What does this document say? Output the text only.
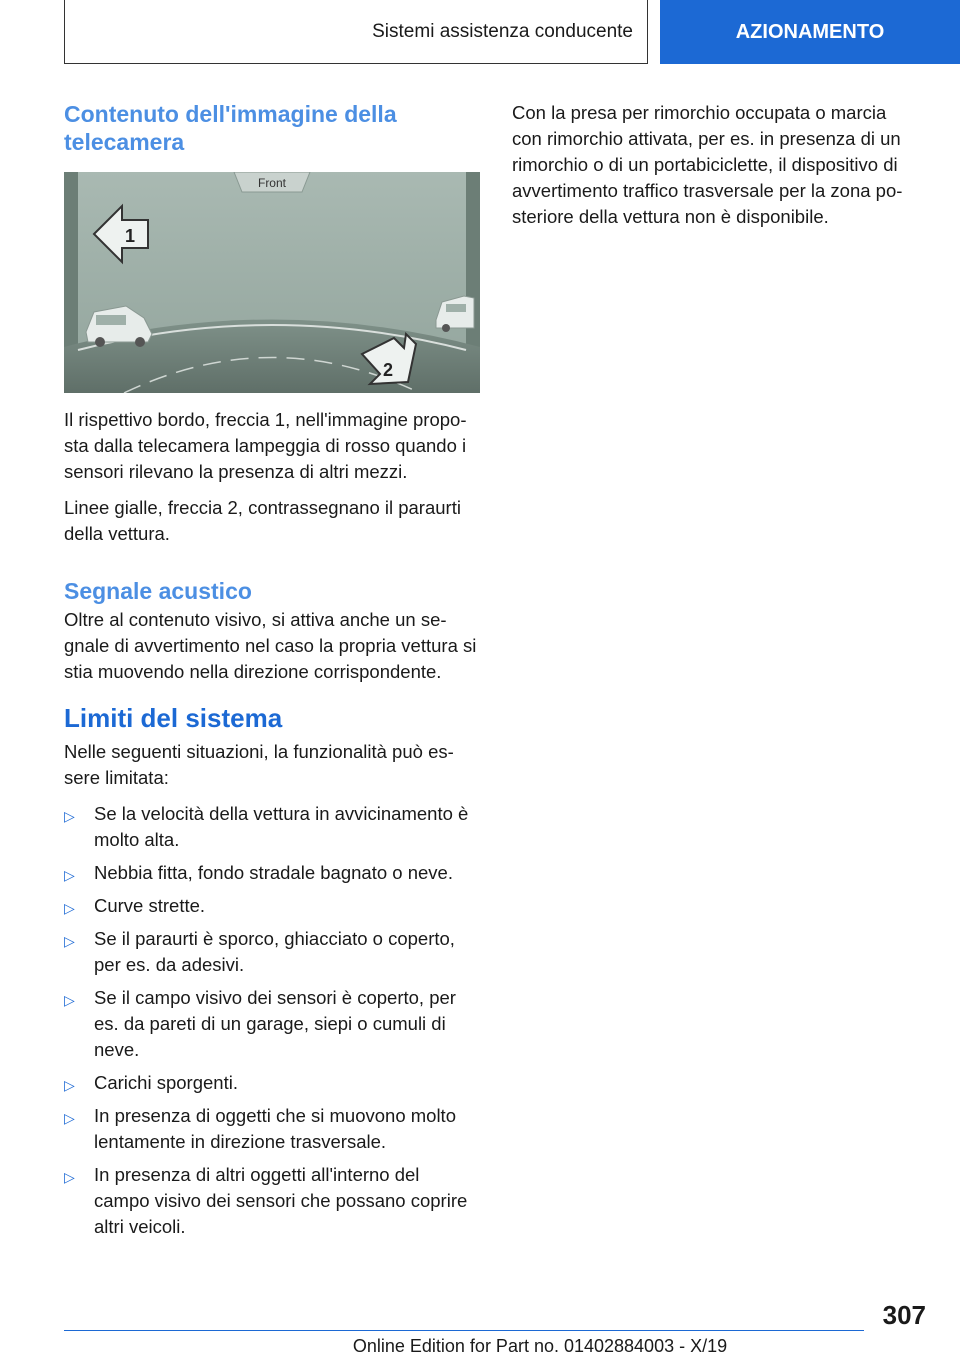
Sistemi assistenza conducente	AZIONAMENTO
Contenuto dell'immagine della telecamera
Front
1
2

Il rispettivo bordo, freccia 1, nell'immagine propo-sta dalla telecamera lampeggia di rosso quando i sensori rilevano la presenza di altri mezzi.

Linee gialle, freccia 2, contrassegnano il paraurti della vettura.

Segnale acustico

Oltre al contenuto visivo, si attiva anche un se-gnale di avvertimento nel caso la propria vettura si stia muovendo nella direzione corrispondente.

Limiti del sistema

Nelle seguenti situazioni, la funzionalità può es-sere limitata:

▷ Se la velocità della vettura in avvicinamento è molto alta.
▷ Nebbia fitta, fondo stradale bagnato o neve.
▷ Curve strette.
▷ Se il paraurti è sporco, ghiacciato o coperto, per es. da adesivi.
▷ Se il campo visivo dei sensori è coperto, per es. da pareti di un garage, siepi o cumuli di neve.
▷ Carichi sporgenti.
▷ In presenza di oggetti che si muovono molto lentamente in direzione trasversale.
▷ In presenza di altri oggetti all'interno del campo visivo dei sensori che possano coprire altri veicoli.

Con la presa per rimorchio occupata o marcia con rimorchio attivata, per es. in presenza di un rimorchio o di un portabiciclette, il dispositivo di avvertimento traffico trasversale per la zona po-steriore della vettura non è disponibile.

307
Online Edition for Part no. 01402884003 - X/19
